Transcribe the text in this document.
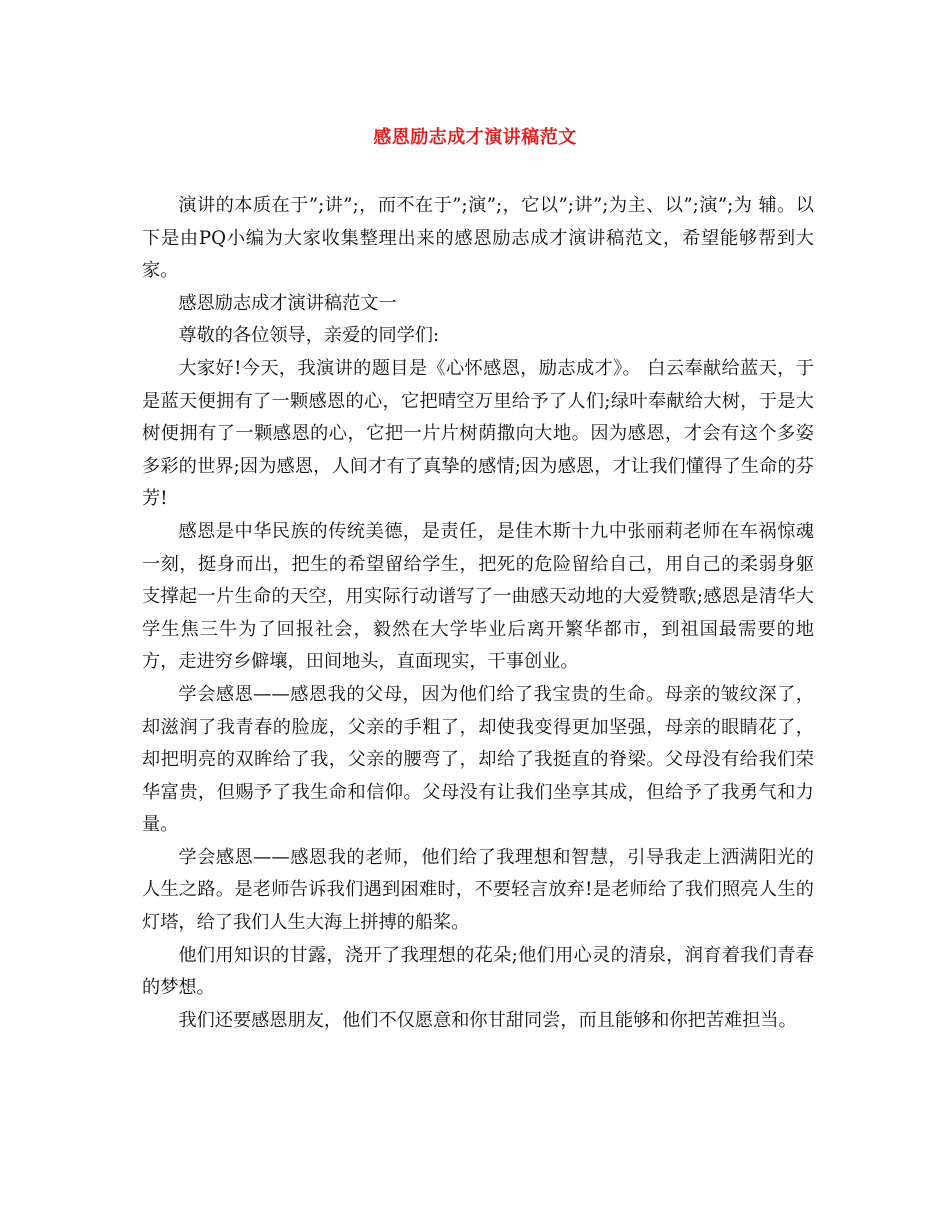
感恩励志成才演讲稿范文

演讲的本质在于”;讲”;，而不在于”;演”;，它以”;讲”;为主、以”;演”;为 辅。以下是由PQ小编为大家收集整理出来的感恩励志成才演讲稿范文，希望能够帮到大家。

感恩励志成才演讲稿范文一

尊敬的各位领导，亲爱的同学们:

大家好!今天，我演讲的题目是《心怀感恩，励志成才》。 白云奉献给蓝天，于是蓝天便拥有了一颗感恩的心，它把晴空万里给予了人们;绿叶奉献给大树，于是大树便拥有了一颗感恩的心，它把一片片树荫撒向大地。因为感恩，才会有这个多姿多彩的世界;因为感恩，人间才有了真挚的感情;因为感恩，才让我们懂得了生命的芬芳!

感恩是中华民族的传统美德，是责任，是佳木斯十九中张丽莉老师在车祸惊魂一刻，挺身而出，把生的希望留给学生，把死的危险留给自己，用自己的柔弱身躯支撑起一片生命的天空，用实际行动谱写了一曲感天动地的大爱赞歌;感恩是清华大学生焦三牛为了回报社会，毅然在大学毕业后离开繁华都市，到祖国最需要的地方，走进穷乡僻壤，田间地头，直面现实，干事创业。

学会感恩——感恩我的父母，因为他们给了我宝贵的生命。母亲的皱纹深了，却滋润了我青春的脸庞，父亲的手粗了，却使我变得更加坚强，母亲的眼睛花了，却把明亮的双眸给了我，父亲的腰弯了，却给了我挺直的脊梁。父母没有给我们荣华富贵，但赐予了我生命和信仰。父母没有让我们坐享其成，但给予了我勇气和力量。

学会感恩——感恩我的老师，他们给了我理想和智慧，引导我走上洒满阳光的人生之路。是老师告诉我们遇到困难时，不要轻言放弃!是老师给了我们照亮人生的灯塔，给了我们人生大海上拼搏的船桨。

他们用知识的甘露，浇开了我理想的花朵;他们用心灵的清泉，润育着我们青春的梦想。

我们还要感恩朋友，他们不仅愿意和你甘甜同尝，而且能够和你把苦难担当。
